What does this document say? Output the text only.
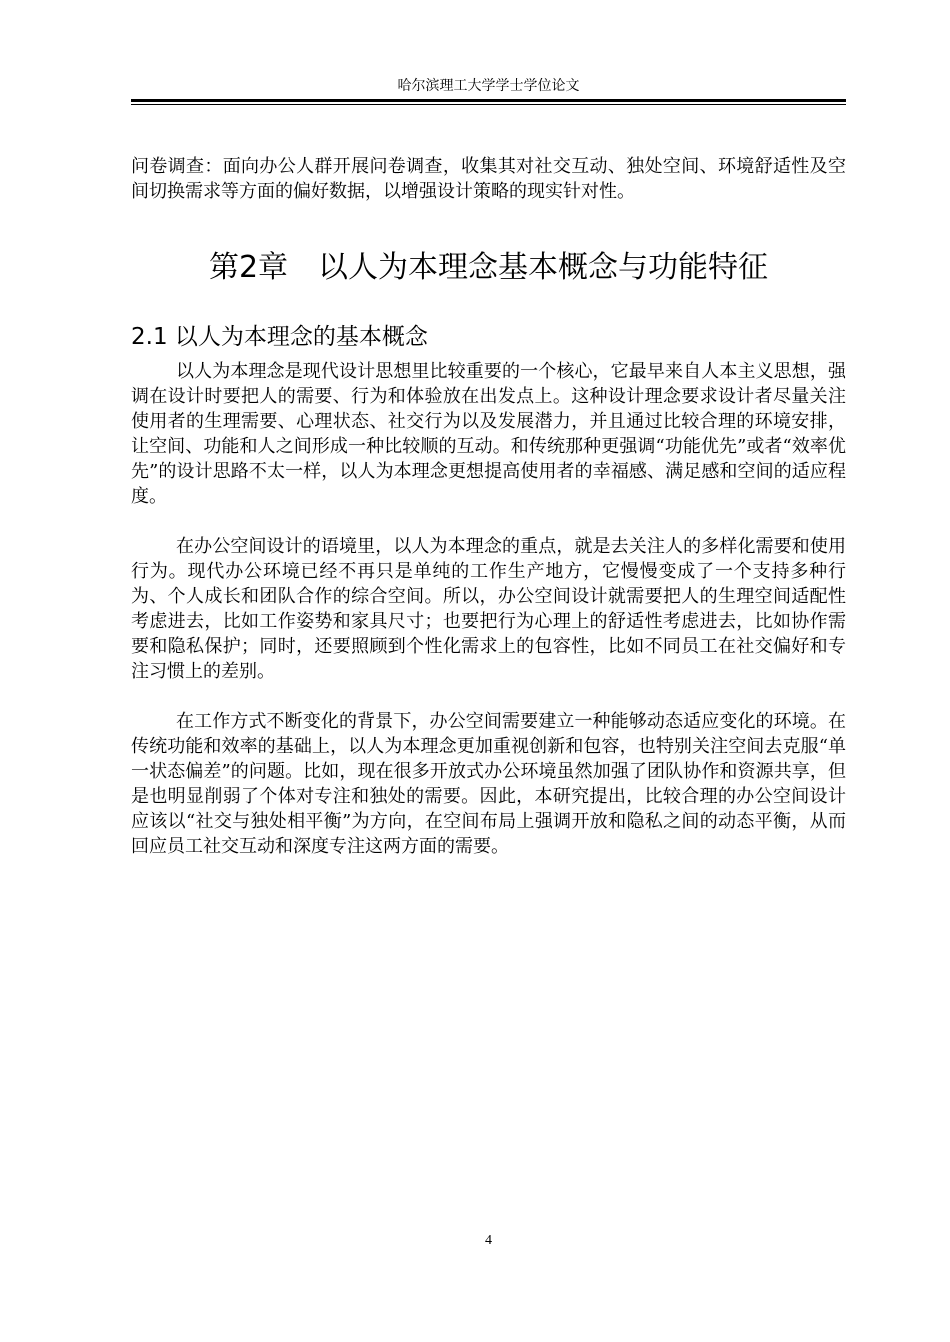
哈尔滨理工大学学士学位论文

问卷调查：面向办公人群开展问卷调查，收集其对社交互动、独处空间、环境舒适性及空间切换需求等方面的偏好数据，以增强设计策略的现实针对性。

第2章　以人为本理念基本概念与功能特征
2.1 以人为本理念的基本概念

以人为本理念是现代设计思想里比较重要的一个核心，它最早来自人本主义思想，强调在设计时要把人的需要、行为和体验放在出发点上。这种设计理念要求设计者尽量关注使用者的生理需要、心理状态、社交行为以及发展潜力，并且通过比较合理的环境安排，让空间、功能和人之间形成一种比较顺的互动。和传统那种更强调“功能优先”或者“效率优先”的设计思路不太一样，以人为本理念更想提高使用者的幸福感、满足感和空间的适应程度。

在办公空间设计的语境里，以人为本理念的重点，就是去关注人的多样化需要和使用行为。现代办公环境已经不再只是单纯的工作生产地方，它慢慢变成了一个支持多种行为、个人成长和团队合作的综合空间。所以，办公空间设计就需要把人的生理空间适配性考虑进去，比如工作姿势和家具尺寸；也要把行为心理上的舒适性考虑进去，比如协作需要和隐私保护；同时，还要照顾到个性化需求上的包容性，比如不同员工在社交偏好和专注习惯上的差别。

在工作方式不断变化的背景下，办公空间需要建立一种能够动态适应变化的环境。在传统功能和效率的基础上，以人为本理念更加重视创新和包容，也特别关注空间去克服“单一状态偏差”的问题。比如，现在很多开放式办公环境虽然加强了团队协作和资源共享，但是也明显削弱了个体对专注和独处的需要。因此，本研究提出，比较合理的办公空间设计应该以“社交与独处相平衡”为方向，在空间布局上强调开放和隐私之间的动态平衡，从而回应员工社交互动和深度专注这两方面的需要。

4
